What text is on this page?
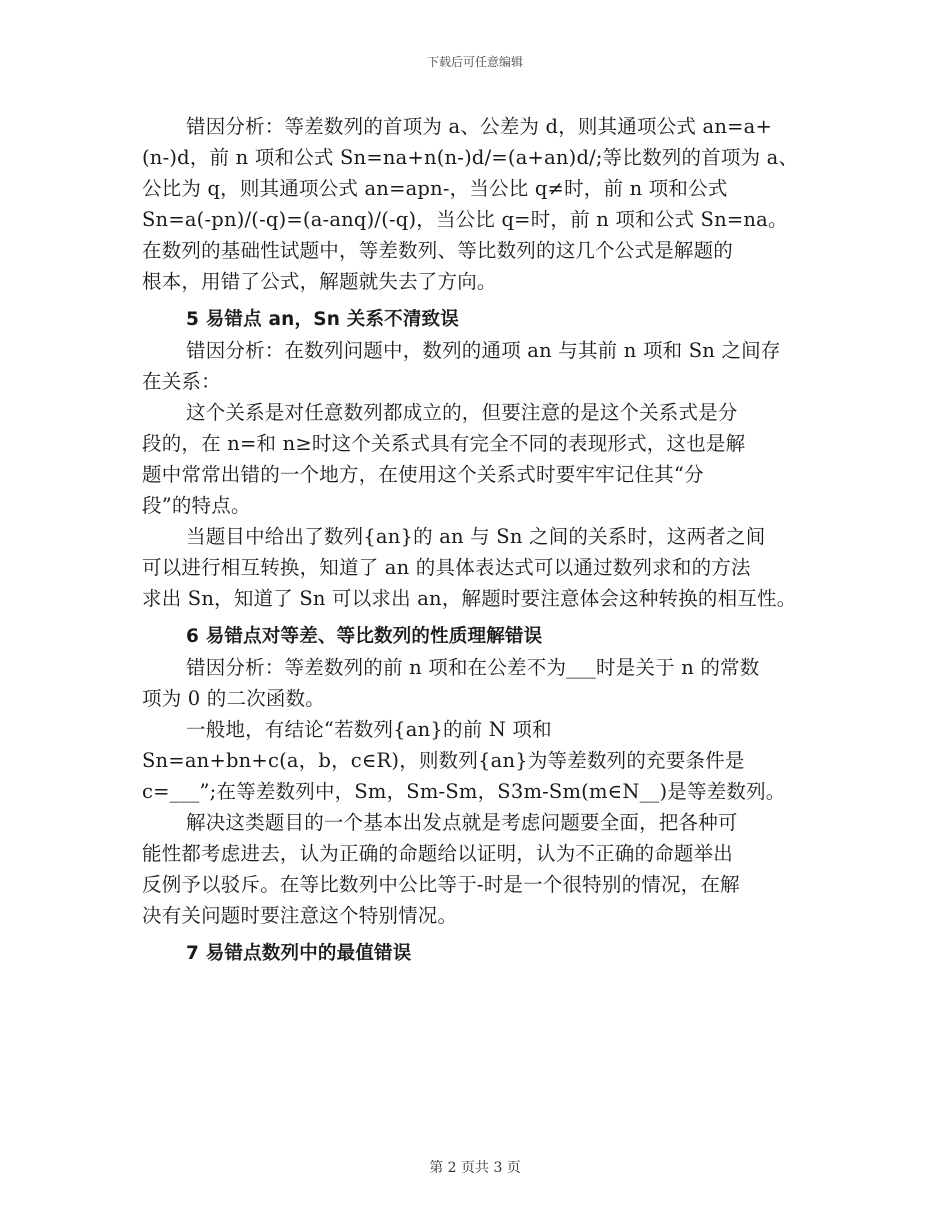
下载后可任意编辑
错因分析：等差数列的首项为 a、公差为 d，则其通项公式 an=a+
(n-)d，前 n 项和公式 Sn=na+n(n-)d/=(a+an)d/;等比数列的首项为 a、
公比为 q，则其通项公式 an=apn-，当公比 q≠时，前 n 项和公式
Sn=a(-pn)/(-q)=(a-anq)/(-q)，当公比 q=时，前 n 项和公式 Sn=na。
在数列的基础性试题中，等差数列、等比数列的这几个公式是解题的
根本，用错了公式，解题就失去了方向。
5 易错点 an，Sn 关系不清致误
错因分析：在数列问题中，数列的通项 an 与其前 n 项和 Sn 之间存
在关系：
这个关系是对任意数列都成立的，但要注意的是这个关系式是分
段的，在 n=和 n≥时这个关系式具有完全不同的表现形式，这也是解
题中常常出错的一个地方，在使用这个关系式时要牢牢记住其“分
段”的特点。
当题目中给出了数列{an}的 an 与 Sn 之间的关系时，这两者之间
可以进行相互转换，知道了 an 的具体表达式可以通过数列求和的方法
求出 Sn，知道了 Sn 可以求出 an，解题时要注意体会这种转换的相互性。
6 易错点对等差、等比数列的性质理解错误
错因分析：等差数列的前 n 项和在公差不为___时是关于 n 的常数
项为 0 的二次函数。
一般地，有结论“若数列{an}的前 N 项和
Sn=an+bn+c(a，b，c∈R)，则数列{an}为等差数列的充要条件是
c=___”;在等差数列中，Sm，Sm-Sm，S3m-Sm(m∈N__)是等差数列。
解决这类题目的一个基本出发点就是考虑问题要全面，把各种可
能性都考虑进去，认为正确的命题给以证明，认为不正确的命题举出
反例予以驳斥。在等比数列中公比等于-时是一个很特别的情况，在解
决有关问题时要注意这个特别情况。
7 易错点数列中的最值错误
第 2 页共 3 页
